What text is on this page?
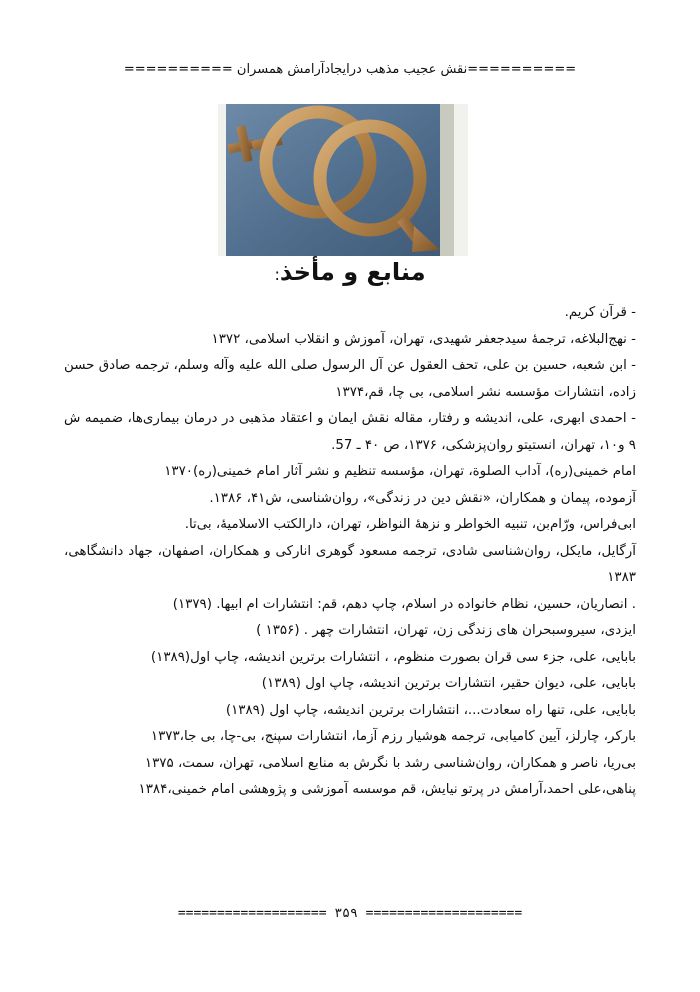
==========نقش عجیب مذهب درایجادآرامش همسران ==========
منابع و مأخذ:
- قرآن کریم.
- نهج‌البلاغه، ترجمهٔ سیدجعفر شهیدی، تهران، آموزش و انقلاب اسلامی، ۱۳۷۲
- ابن شعبه، حسین بن علی، تحف العقول عن آل الرسول صلی الله علیه وآله وسلم، ترجمه صادق حسن زاده، انتشارات مؤسسه نشر اسلامی، بی چا، قم،۱۳۷۴
- احمدی ابهری، علی، اندیشه و رفتار، مقاله نقش ایمان و اعتقاد مذهبی در درمان بیماری‌ها، ضمیمه ش ۹ و۱۰، تهران، انستیتو روان‌پزشکی، ۱۳۷۶، ص ۴۰ ـ 57.
امام خمینی(ره)، آداب الصلوة، تهران، مؤسسه تنظیم و نشر آثار امام خمینی(ره)۱۳۷۰
آزموده، پیمان و همکاران، «نقش دین در زندگی»، روان‌شناسی، ش۴۱، ۱۳۸۶.
ابی‌فراس، ورّام‌بن، تنبیه الخواطر و نزههٔ النواظر، تهران، دارالکتب الاسلامیهٔ، بی‌تا.
آرگایل، مایکل، روان‌شناسی شادی، ترجمه مسعود گوهری انارکی و همکاران، اصفهان، جهاد دانشگاهی، ۱۳۸۳
. انصاریان، حسین، نظام خانواده در اسلام، چاپ دهم، قم: انتشارات ام ابیها. (۱۳۷۹)
ایزدی، سیروسبحران های زندگی زن، تهران، انتشارات چهر . (۱۳۵۶ )
بابایی، علی، جزء سی قران بصورت منظوم، ، انتشارات برترین اندیشه، چاپ اول(۱۳۸۹)
بابایی، علی، دیوان حقیر، انتشارات برترین اندیشه، چاپ اول (۱۳۸۹)
بابایی، علی، تنها راه سعادت...، انتشارات برترین اندیشه، چاپ اول (۱۳۸۹)
بارکر، چارلز، آیین کامیابی، ترجمه هوشیار رزم آزما، انتشارات سپنج، بی-چا، بی جا،۱۳۷۳
بی‌ریا، ناصر و همکاران، روان‌شناسی رشد با نگرش به منابع اسلامی، تهران، سمت، ۱۳۷۵
پناهی،علی احمد،آرامش در پرتو نیایش، قم موسسه آموزشی و پژوهشی امام خمینی،۱۳۸۴
=================== ۳۵۹ ====================
